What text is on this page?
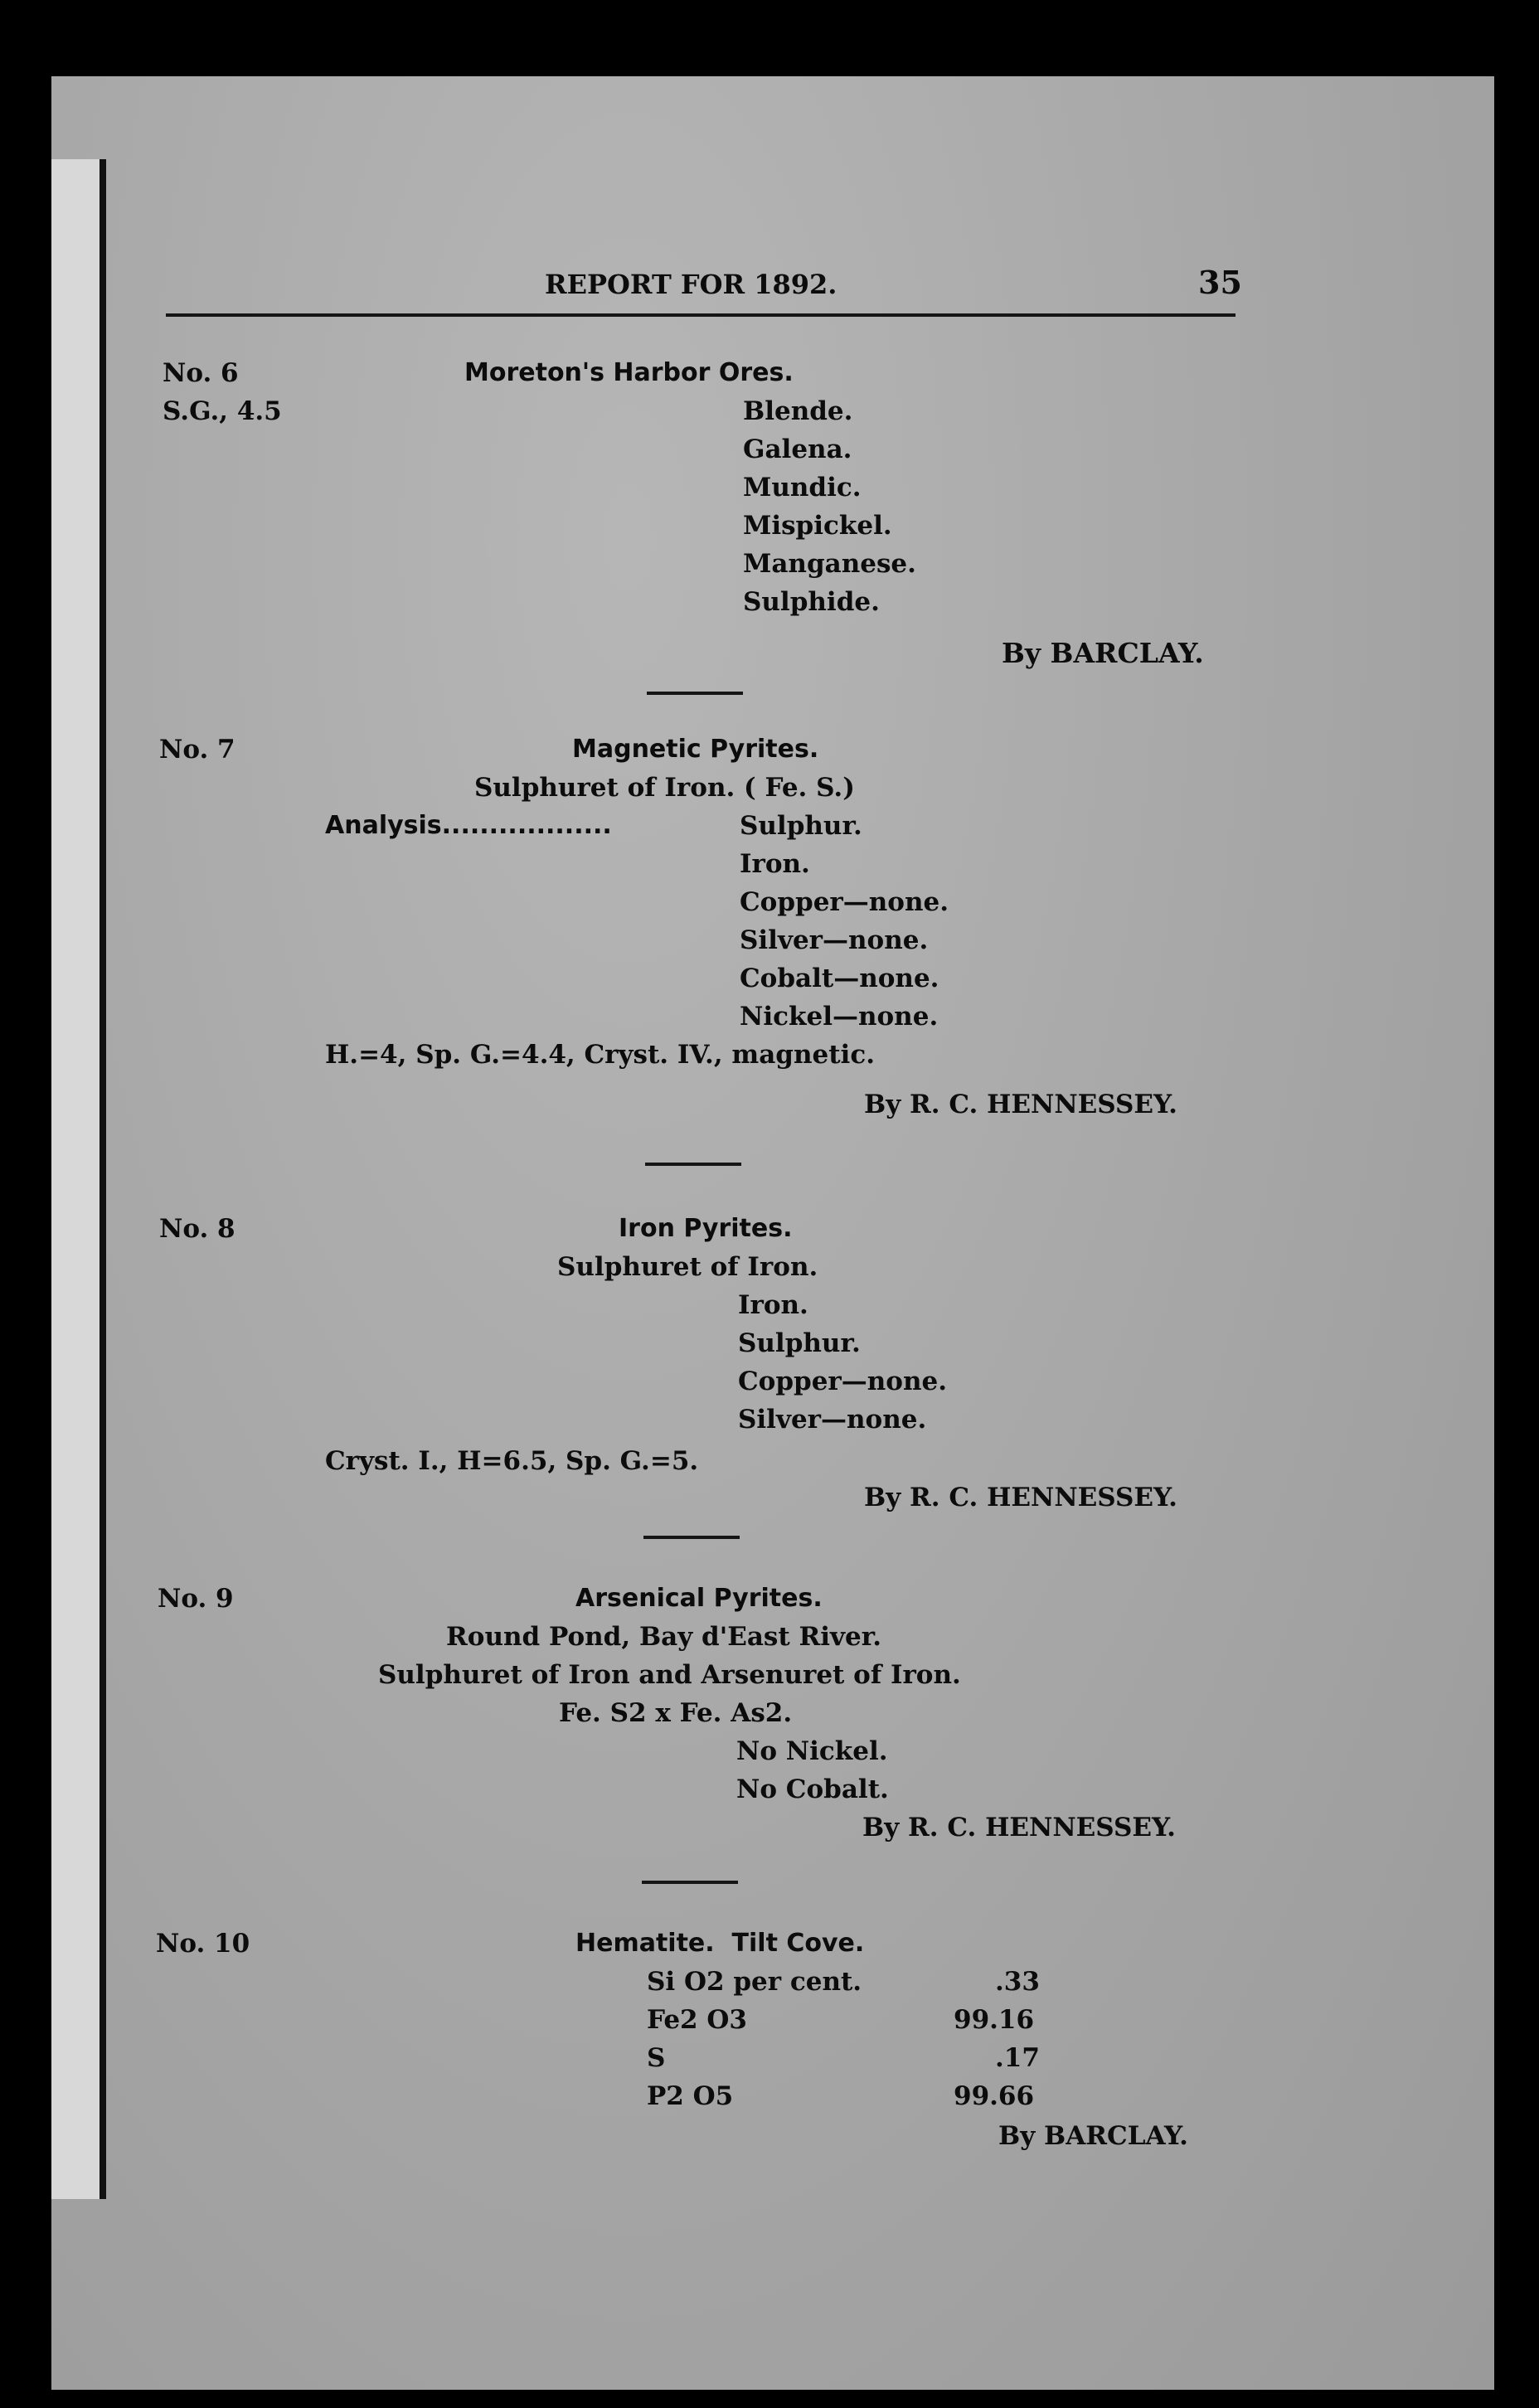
REPORT FOR 1892.	35
No. 6
S.G., 4.5
Moreton's Harbor Ores.
Blende.
Galena.
Mundic.
Mispickel.
Manganese.
Sulphide.
By BARCLAY.
No. 7	Magnetic Pyrites.
Sulphuret of Iron. ( Fe. S.)
Analysis..................	Sulphur.
Iron.
Copper—none.
Silver—none.
Cobalt—none.
Nickel—none.
H.=4, Sp. G.=4.4, Cryst. IV., magnetic.
By R. C. HENNESSEY.
No. 8	Iron Pyrites.
Sulphuret of Iron.
Iron.
Sulphur.
Copper—none.
Silver—none.
Cryst. I., H=6.5, Sp. G.=5.
By R. C. HENNESSEY.
No. 9	Arsenical Pyrites.
Round Pond, Bay d'East River.
Sulphuret of Iron and Arsenuret of Iron.
Fe. S2 x Fe. As2.
No Nickel.
No Cobalt.
By R. C. HENNESSEY.
No. 10	Hematite.  Tilt Cove.
Si O2 per cent.	.33
Fe2 O3	99.16
S	.17
P2 O5	99.66
By BARCLAY.
